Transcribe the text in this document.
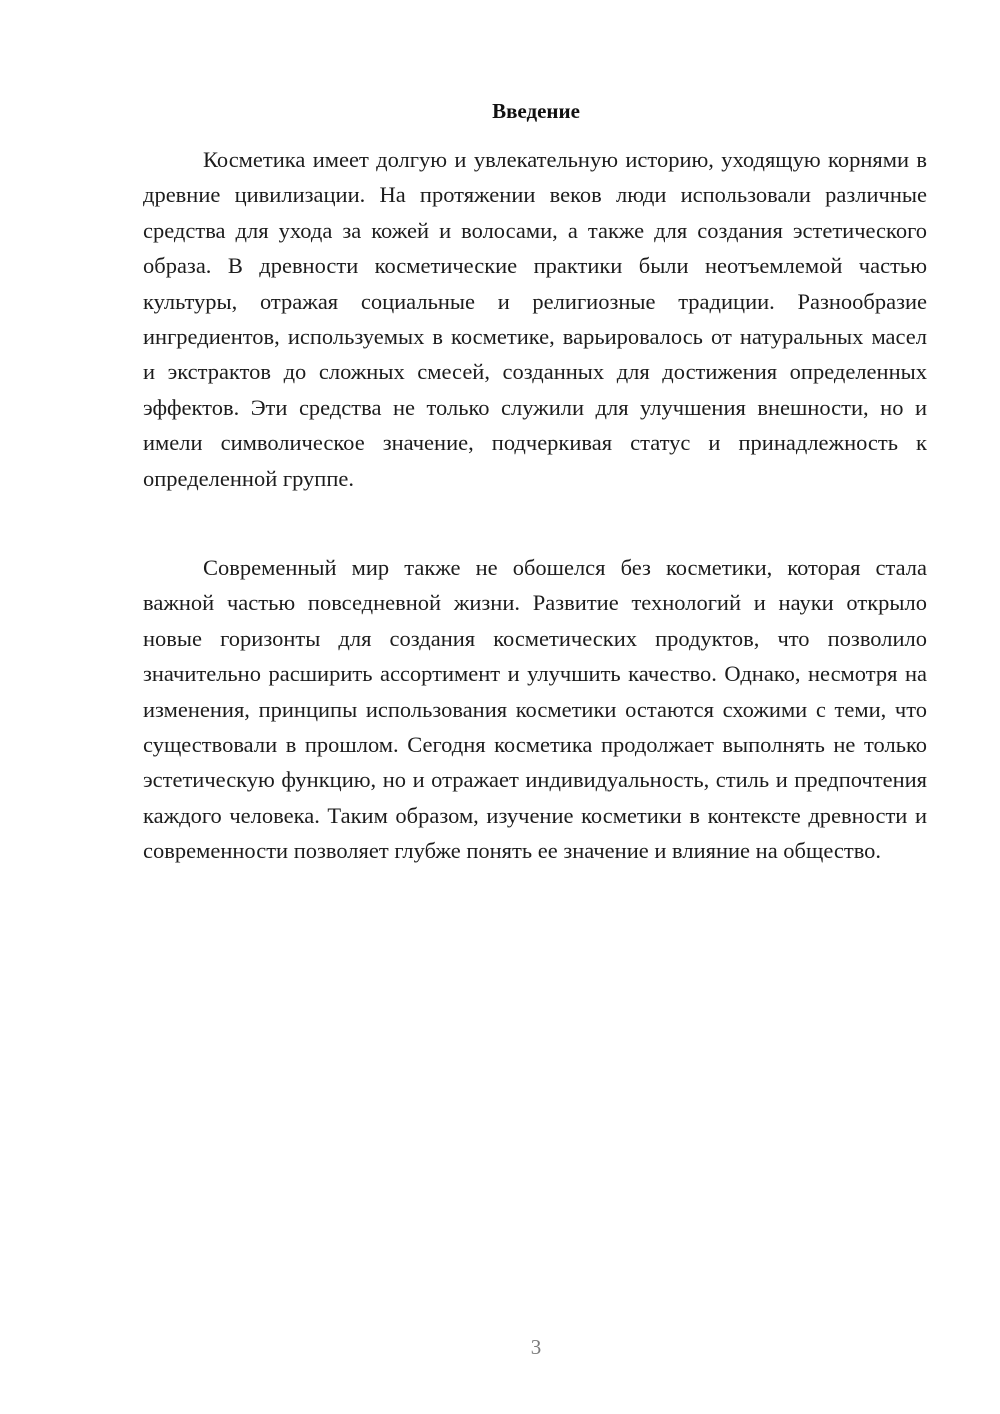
Введение

Косметика имеет долгую и увлекательную историю, уходящую корнями в древние цивилизации. На протяжении веков люди использовали различные средства для ухода за кожей и волосами, а также для создания эстетического образа. В древности косметические практики были неотъемлемой частью культуры, отражая социальные и религиозные традиции. Разнообразие ингредиентов, используемых в косметике, варьировалось от натуральных масел и экстрактов до сложных смесей, созданных для достижения определенных эффектов. Эти средства не только служили для улучшения внешности, но и имели символическое значение, подчеркивая статус и принадлежность к определенной группе.

Современный мир также не обошелся без косметики, которая стала важной частью повседневной жизни. Развитие технологий и науки открыло новые горизонты для создания косметических продуктов, что позволило значительно расширить ассортимент и улучшить качество. Однако, несмотря на изменения, принципы использования косметики остаются схожими с теми, что существовали в прошлом. Сегодня косметика продолжает выполнять не только эстетическую функцию, но и отражает индивидуальность, стиль и предпочтения каждого человека. Таким образом, изучение косметики в контексте древности и современности позволяет глубже понять ее значение и влияние на общество.

3
